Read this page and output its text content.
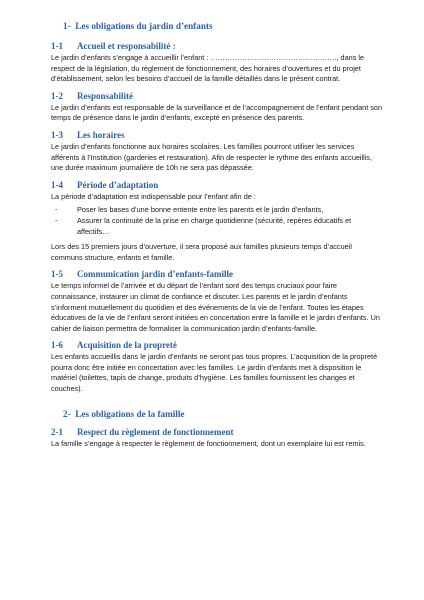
1- Les obligations du jardin d’enfants
1-1	Accueil et responsabilité :

Le jardin d’enfants s’engage à accueillir l’enfant : ……………………………………………., dans le respect de la législation, du règlement de fonctionnement, des horaires d’ouvertures et du projet d’établissement, selon les besoins d’accueil de la famille détaillés dans le présent contrat.

1-2	Responsabilité

Le jardin d’enfants est responsable de la surveillance et de l’accompagnement de l’enfant pendant son temps de présence dans le jardin d’enfants, excepté en présence des parents.

1-3	Les horaires

Le jardin d’enfants fonctionne aux horaires scolaires. Les familles pourront utiliser les services afférents à l’Institution (garderies et restauration). Afin de respecter le rythme des enfants accueillis, une durée maximum journalière de 10h ne sera pas dépassée.

1-4	Période d’adaptation

La période d’adaptation est indispensable pour l’enfant afin de :

-	Poser les bases d’une bonne entente entre les parents et le jardin d’enfants,
-	Assurer la continuité de la prise en charge quotidienne (sécurité, repères éducatifs et affectifs…

Lors des 15 premiers jours d’ouverture, il sera proposé aux familles plusieurs temps d’accueil communs structure, enfants et famille.

1-5	Communication jardin d’enfants-famille

Le temps informel de l’arrivée et du départ de l’enfant sont des temps cruciaux pour faire connaissance, instaurer un climat de confiance et discuter. Les parents et le jardin d’enfants s’informent mutuellement du quotidien et des événements de la vie de l’enfant. Toutes les étapes éducatives de la vie de l’enfant seront initiées en concertation entre la famille et le jardin d’enfants. Un cahier de liaison permettra de formaliser la communication jardin d’enfants-famille.

1-6	Acquisition de la propreté

Les enfants accueillis dans le jardin d’enfants ne seront pas tous propres. L’acquisition de la propreté pourra donc être initiée en concertation avec les familles. Le jardin d’enfants met à disposition le matériel (toilettes, tapis de change, produits d’hygiène. Les familles fournissent les changes et couches).

2- Les obligations de la famille
2-1	Respect du règlement de fonctionnement

La famille s’engage à respecter le règlement de fonctionnement, dont un exemplaire lui est remis.
